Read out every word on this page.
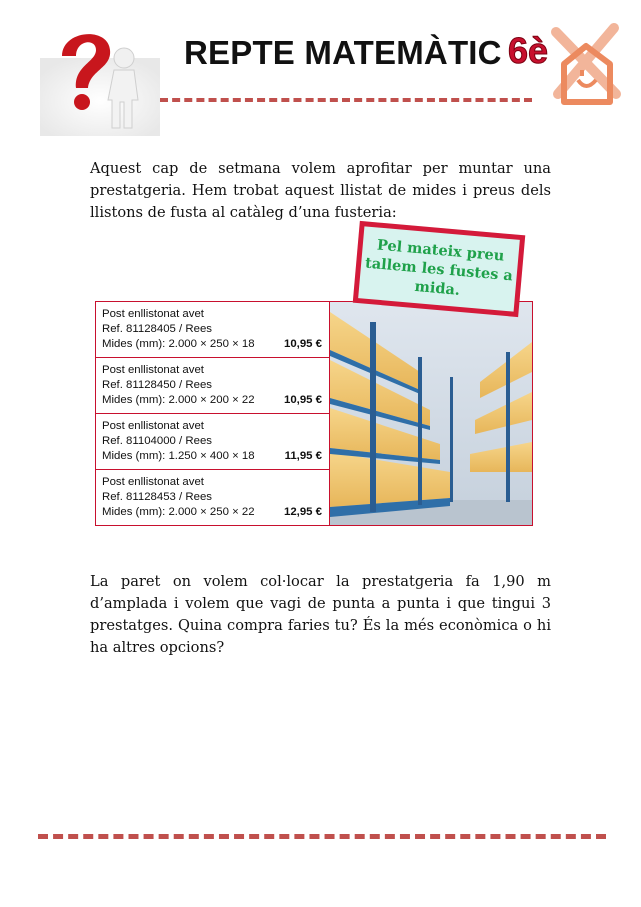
REPTE MATEMÀTIC 6è
Aquest cap de setmana volem aprofitar per muntar una prestatgeria. Hem trobat aquest llistat de mides i preus dels llistons de fusta al catàleg d’una fusteria:
Post enllistonat avet
Ref. 81128405 / Rees
Mides (mm): 2.000 × 250 × 18	10,95 €
Post enllistonat avet
Ref. 81128450 / Rees
Mides (mm): 2.000 × 200 × 22	10,95 €
Post enllistonat avet
Ref. 81104000 / Rees
Mides (mm): 1.250 × 400 × 18	11,95 €
Post enllistonat avet
Ref. 81128453 / Rees
Mides (mm): 2.000 × 250 × 22	12,95 €
Pel mateix preu tallem les fustes a mida.
La paret on volem col·locar la prestatgeria fa 1,90 m d’amplada i volem que vagi de punta a punta i que tingui 3 prestatges. Quina compra faries tu? És la més econòmica o hi ha altres opcions?
